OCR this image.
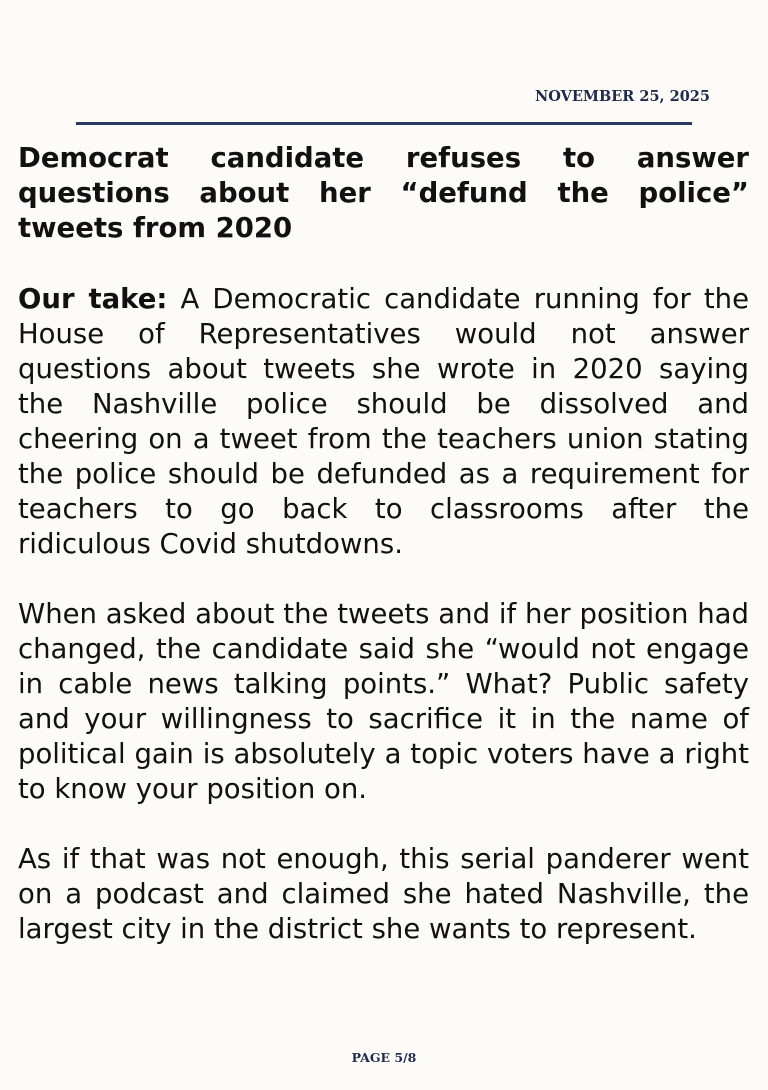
NOVEMBER 25, 2025
Democrat candidate refuses to answer questions about her “defund the police” tweets from 2020
Our take: A Democratic candidate running for the House of Representatives would not answer questions about tweets she wrote in 2020 saying the Nashville police should be dissolved and cheering on a tweet from the teachers union stating the police should be defunded as a requirement for teachers to go back to classrooms after the ridiculous Covid shutdowns.
When asked about the tweets and if her position had changed, the candidate said she “would not engage in cable news talking points.” What? Public safety and your willingness to sacrifice it in the name of political gain is absolutely a topic voters have a right to know your position on.
As if that was not enough, this serial panderer went on a podcast and claimed she hated Nashville, the largest city in the district she wants to represent.
PAGE 5/8
